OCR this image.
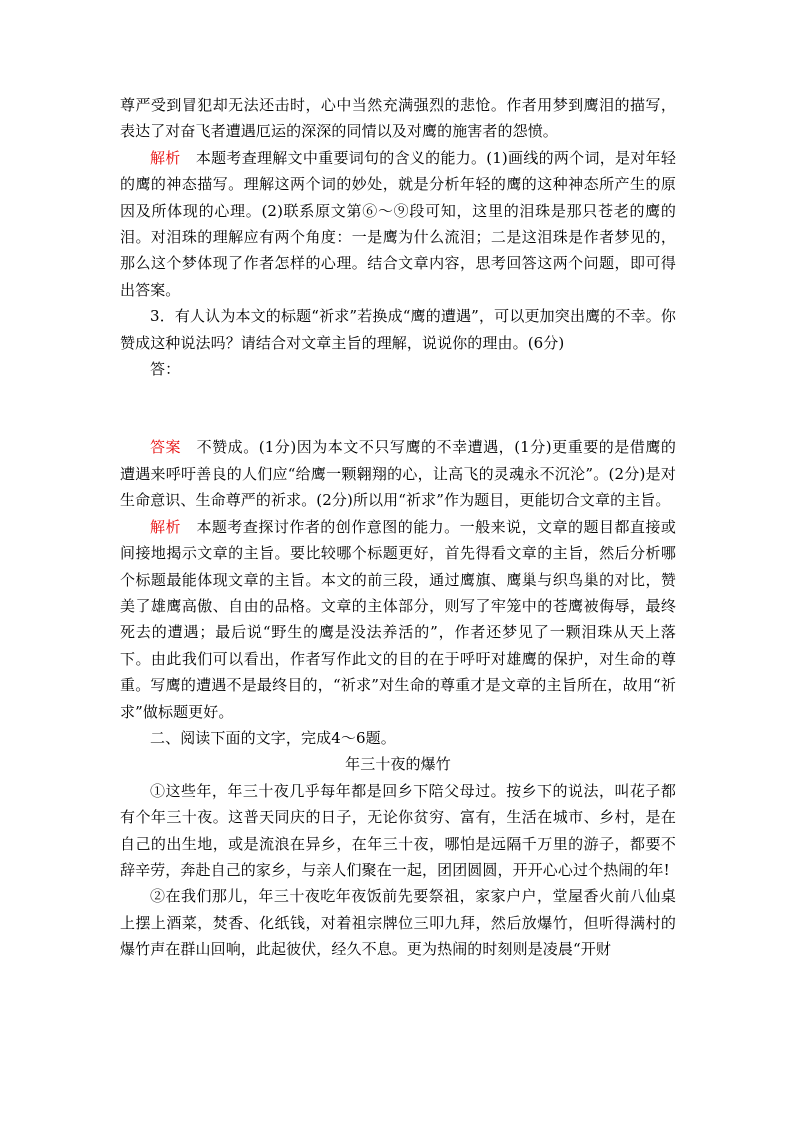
尊严受到冒犯却无法还击时，心中当然充满强烈的悲怆。作者用梦到鹰泪的描写，表达了对奋飞者遭遇厄运的深深的同情以及对鹰的施害者的怨愤。

解析　本题考查理解文中重要词句的含义的能力。(1)画线的两个词，是对年轻的鹰的神态描写。理解这两个词的妙处，就是分析年轻的鹰的这种神态所产生的原因及所体现的心理。(2)联系原文第⑥～⑨段可知，这里的泪珠是那只苍老的鹰的泪。对泪珠的理解应有两个角度：一是鹰为什么流泪；二是这泪珠是作者梦见的，那么这个梦体现了作者怎样的心理。结合文章内容，思考回答这两个问题，即可得出答案。

3．有人认为本文的标题“祈求”若换成“鹰的遭遇”，可以更加突出鹰的不幸。你赞成这种说法吗？请结合对文章主旨的理解，说说你的理由。(6分)

答：

答案　不赞成。(1分)因为本文不只写鹰的不幸遭遇，(1分)更重要的是借鹰的遭遇来呼吁善良的人们应“给鹰一颗翱翔的心，让高飞的灵魂永不沉沦”。(2分)是对生命意识、生命尊严的祈求。(2分)所以用“祈求”作为题目，更能切合文章的主旨。

解析　本题考查探讨作者的创作意图的能力。一般来说，文章的题目都直接或间接地揭示文章的主旨。要比较哪个标题更好，首先得看文章的主旨，然后分析哪个标题最能体现文章的主旨。本文的前三段，通过鹰旗、鹰巢与织鸟巢的对比，赞美了雄鹰高傲、自由的品格。文章的主体部分，则写了牢笼中的苍鹰被侮辱，最终死去的遭遇；最后说“野生的鹰是没法养活的”，作者还梦见了一颗泪珠从天上落下。由此我们可以看出，作者写作此文的目的在于呼吁对雄鹰的保护，对生命的尊重。写鹰的遭遇不是最终目的，“祈求”对生命的尊重才是文章的主旨所在，故用“祈求”做标题更好。

二、阅读下面的文字，完成4～6题。

年三十夜的爆竹

①这些年，年三十夜几乎每年都是回乡下陪父母过。按乡下的说法，叫花子都有个年三十夜。这普天同庆的日子，无论你贫穷、富有，生活在城市、乡村，是在自己的出生地，或是流浪在异乡，在年三十夜，哪怕是远隔千万里的游子，都要不辞辛劳，奔赴自己的家乡，与亲人们聚在一起，团团圆圆，开开心心过个热闹的年!

②在我们那儿，年三十夜吃年夜饭前先要祭祖，家家户户，堂屋香火前八仙桌上摆上酒菜，焚香、化纸钱，对着祖宗牌位三叩九拜，然后放爆竹，但听得满村的爆竹声在群山回响，此起彼伏，经久不息。更为热闹的时刻则是凌晨“开财
